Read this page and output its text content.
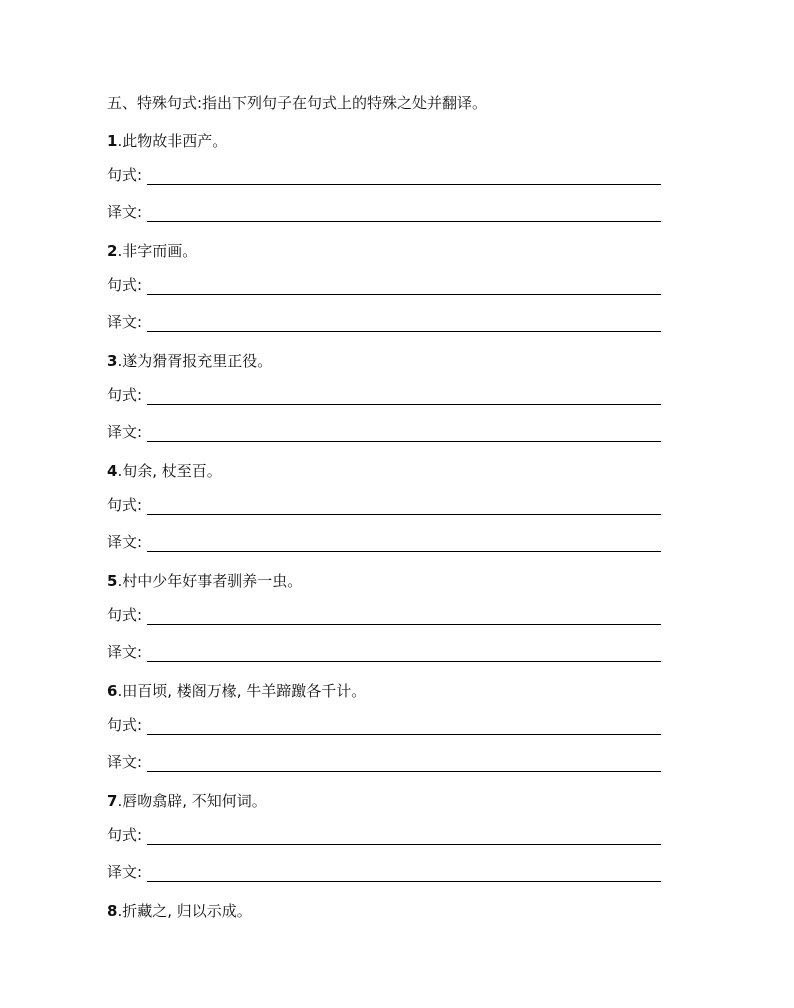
五、特殊句式:指出下列句子在句式上的特殊之处并翻译。
1.此物故非西产。
句式:
译文:
2.非字而画。
句式:
译文:
3.遂为猾胥报充里正役。
句式:
译文:
4.旬余, 杖至百。
句式:
译文:
5.村中少年好事者驯养一虫。
句式:
译文:
6.田百顷, 楼阁万椽, 牛羊蹄躈各千计。
句式:
译文:
7.唇吻翕辟, 不知何词。
句式:
译文:
8.折藏之, 归以示成。
